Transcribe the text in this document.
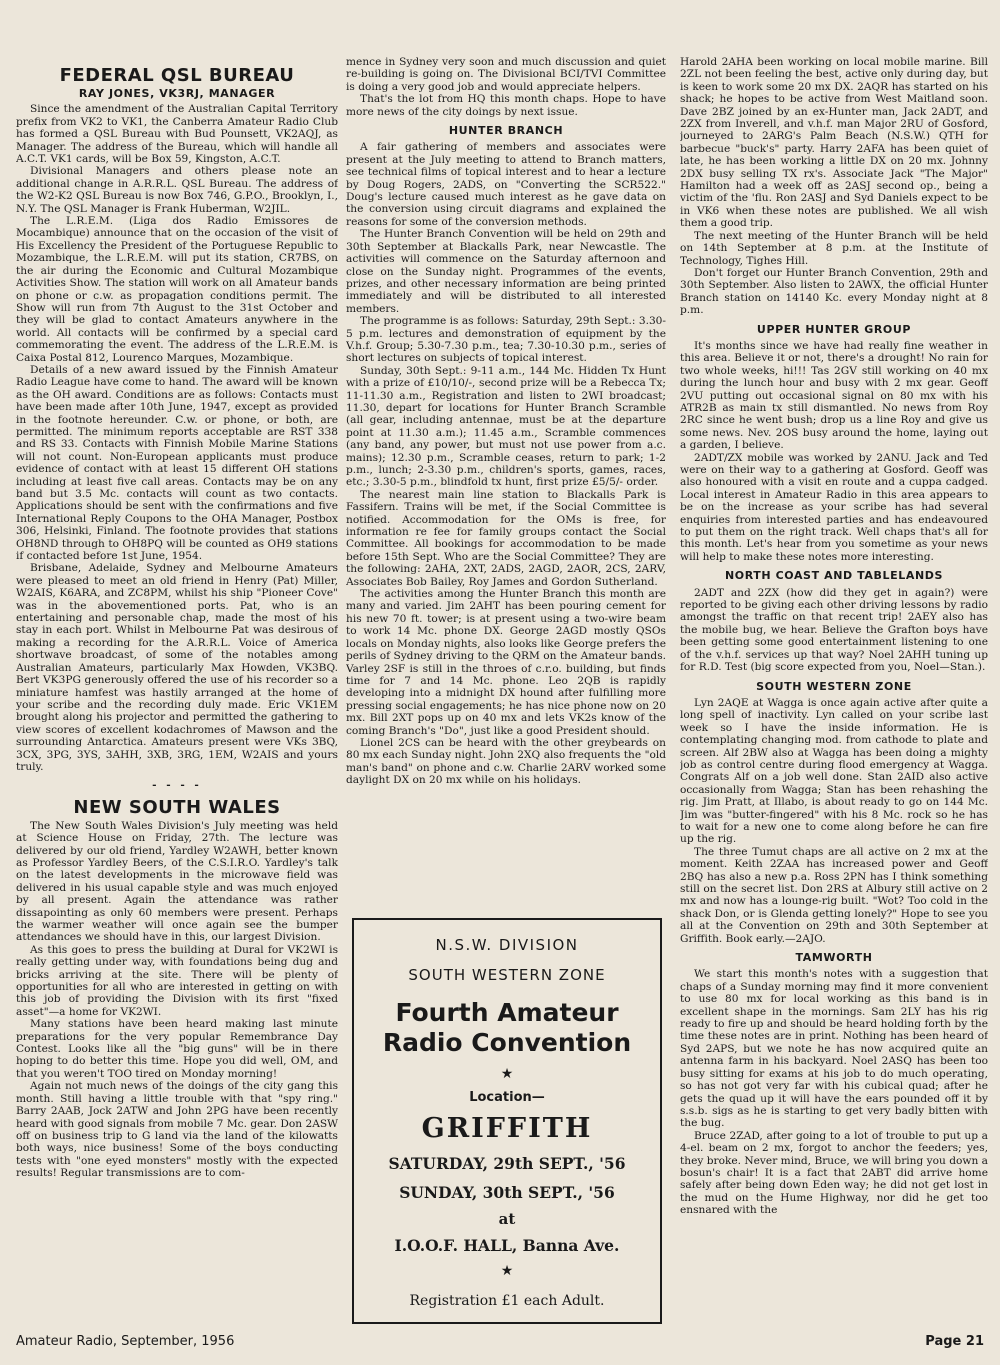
FEDERAL QSL BUREAU
RAY JONES, VK3RJ, MANAGER

Since the amendment of the Australian Capital Territory prefix from VK2 to VK1, the Canberra Amateur Radio Club has formed a QSL Bureau with Bud Pounsett, VK2AQJ, as Manager. The address of the Bureau, which will handle all A.C.T. VK1 cards, will be Box 59, Kingston, A.C.T.

Divisional Managers and others please note an additional change in A.R.R.L. QSL Bureau. The address of the W2-K2 QSL Bureau is now Box 746, G.P.O., Brooklyn, I., N.Y. The QSL Manager is Frank Huberman, W2JIL.

The L.R.E.M. (Liga dos Radio Emissores de Mocambique) announce that on the occasion of the visit of His Excellency the President of the Portuguese Republic to Mozambique, the L.R.E.M. will put its station, CR7BS, on the air during the Economic and Cultural Mozambique Activities Show. The station will work on all Amateur bands on phone or c.w. as propagation conditions permit. The Show will run from 7th August to the 31st October and they will be glad to contact Amateurs anywhere in the world. All contacts will be confirmed by a special card commemorating the event. The address of the L.R.E.M. is Caixa Postal 812, Lourenco Marques, Mozambique.

Details of a new award issued by the Finnish Amateur Radio League have come to hand. The award will be known as the OH award. Conditions are as follows: Contacts must have been made after 10th June, 1947, except as provided in the footnote hereunder. C.w. or phone, or both, are permitted. The minimum reports acceptable are RST 338 and RS 33. Contacts with Finnish Mobile Marine Stations will not count. Non-European applicants must produce evidence of contact with at least 15 different OH stations including at least five call areas. Contacts may be on any band but 3.5 Mc. contacts will count as two contacts. Applications should be sent with the confirmations and five International Reply Coupons to the OHA Manager, Postbox 306, Helsinki, Finland. The footnote provides that stations OH8ND through to OH8PQ will be counted as OH9 stations if contacted before 1st June, 1954.

Brisbane, Adelaide, Sydney and Melbourne Amateurs were pleased to meet an old friend in Henry (Pat) Miller, W2AIS, K6ARA, and ZC8PM, whilst his ship "Pioneer Cove" was in the abovementioned ports. Pat, who is an entertaining and personable chap, made the most of his stay in each port. Whilst in Melbourne Pat was desirous of making a recording for the A.R.R.L. Voice of America shortwave broadcast, of some of the notables among Australian Amateurs, particularly Max Howden, VK3BQ. Bert VK3PG generously offered the use of his recorder so a miniature hamfest was hastily arranged at the home of your scribe and the recording duly made. Eric VK1EM brought along his projector and permitted the gathering to view scores of excellent kodachromes of Mawson and the surrounding Antarctica. Amateurs present were VKs 3BQ, 3CX, 3PG, 3YS, 3AHH, 3XB, 3RG, 1EM, W2AIS and yours truly.

- - - -
NEW SOUTH WALES

The New South Wales Division's July meeting was held at Science House on Friday, 27th. The lecture was delivered by our old friend, Yardley W2AWH, better known as Professor Yardley Beers, of the C.S.I.R.O. Yardley's talk on the latest developments in the microwave field was delivered in his usual capable style and was much enjoyed by all present. Again the attendance was rather dissapointing as only 60 members were present. Perhaps the warmer weather will once again see the bumper attendances we should have in this, our largest Division.

As this goes to press the building at Dural for VK2WI is really getting under way, with foundations being dug and bricks arriving at the site. There will be plenty of opportunities for all who are interested in getting on with this job of providing the Division with its first "fixed asset"—a home for VK2WI.

Many stations have been heard making last minute preparations for the very popular Remembrance Day Contest. Looks like all the "big guns" will be in there hoping to do better this time. Hope you did well, OM, and that you weren't TOO tired on Monday morning!

Again not much news of the doings of the city gang this month. Still having a little trouble with that "spy ring." Barry 2AAB, Jock 2ATW and John 2PG have been recently heard with good signals from mobile 7 Mc. gear. Don 2ASW off on business trip to G land via the land of the kilowatts both ways, nice business! Some of the boys conducting tests with "one eyed monsters" mostly with the expected results! Regular transmissions are to com-

mence in Sydney very soon and much discussion and quiet re-building is going on. The Divisional BCI/TVI Committee is doing a very good job and would appreciate helpers.

That's the lot from HQ this month chaps. Hope to have more news of the city doings by next issue.

HUNTER BRANCH

A fair gathering of members and associates were present at the July meeting to attend to Branch matters, see technical films of topical interest and to hear a lecture by Doug Rogers, 2ADS, on "Converting the SCR522." Doug's lecture caused much interest as he gave data on the conversion using circuit diagrams and explained the reasons for some of the conversion methods.

The Hunter Branch Convention will be held on 29th and 30th September at Blackalls Park, near Newcastle. The activities will commence on the Saturday afternoon and close on the Sunday night. Programmes of the events, prizes, and other necessary information are being printed immediately and will be distributed to all interested members.

The programme is as follows: Saturday, 29th Sept.: 3.30-5 p.m. lectures and demonstration of equipment by the V.h.f. Group; 5.30-7.30 p.m., tea; 7.30-10.30 p.m., series of short lectures on subjects of topical interest.

Sunday, 30th Sept.: 9-11 a.m., 144 Mc. Hidden Tx Hunt with a prize of £10/10/-, second prize will be a Rebecca Tx; 11-11.30 a.m., Registration and listen to 2WI broadcast; 11.30, depart for locations for Hunter Branch Scramble (all gear, including antennae, must be at the departure point at 11.30 a.m.); 11.45 a.m., Scramble commences (any band, any power, but must not use power from a.c. mains); 12.30 p.m., Scramble ceases, return to park; 1-2 p.m., lunch; 2-3.30 p.m., children's sports, games, races, etc.; 3.30-5 p.m., blindfold tx hunt, first prize £5/5/- order.

The nearest main line station to Blackalls Park is Fassifern. Trains will be met, if the Social Committee is notified. Accommodation for the OMs is free, for information re fee for family groups contact the Social Committee. All bookings for accommodation to be made before 15th Sept. Who are the Social Committee? They are the following: 2AHA, 2XT, 2ADS, 2AGD, 2AOR, 2CS, 2ARV, Associates Bob Bailey, Roy James and Gordon Sutherland.

The activities among the Hunter Branch this month are many and varied. Jim 2AHT has been pouring cement for his new 70 ft. tower; is at present using a two-wire beam to work 14 Mc. phone DX. George 2AGD mostly QSOs locals on Monday nights, also looks like George prefers the perils of Sydney driving to the QRM on the Amateur bands. Varley 2SF is still in the throes of c.r.o. building, but finds time for 7 and 14 Mc. phone. Leo 2QB is rapidly developing into a midnight DX hound after fulfilling more pressing social engagements; he has nice phone now on 20 mx. Bill 2XT pops up on 40 mx and lets VK2s know of the coming Branch's "Do", just like a good President should.

Lionel 2CS can be heard with the other greybeards on 80 mx each Sunday night. John 2XQ also frequents the "old man's band" on phone and c.w. Charlie 2ARV worked some daylight DX on 20 mx while on his holidays.

N.S.W. DIVISION
SOUTH WESTERN ZONE
Fourth Amateur
Radio Convention
★
Location—
GRIFFITH
SATURDAY, 29th SEPT., '56
SUNDAY, 30th SEPT., '56
at
I.O.O.F. HALL, Banna Ave.
★
Registration £1 each Adult.

Harold 2AHA been working on local mobile marine. Bill 2ZL not been feeling the best, active only during day, but is keen to work some 20 mx DX. 2AQR has started on his shack; he hopes to be active from West Maitland soon. Dave 2BZ joined by an ex-Hunter man, Jack 2ADT, and 2ZX from Inverell, and v.h.f. man Major 2RU of Gosford, journeyed to 2ARG's Palm Beach (N.S.W.) QTH for barbecue "buck's" party. Harry 2AFA has been quiet of late, he has been working a little DX on 20 mx. Johnny 2DX busy selling TX rx's. Associate Jack "The Major" Hamilton had a week off as 2ASJ second op., being a victim of the 'flu. Ron 2ASJ and Syd Daniels expect to be in VK6 when these notes are published. We all wish them a good trip.

The next meeting of the Hunter Branch will be held on 14th September at 8 p.m. at the Institute of Technology, Tighes Hill.

Don't forget our Hunter Branch Convention, 29th and 30th September. Also listen to 2AWX, the official Hunter Branch station on 14140 Kc. every Monday night at 8 p.m.

UPPER HUNTER GROUP

It's months since we have had really fine weather in this area. Believe it or not, there's a drought! No rain for two whole weeks, hi!!! Tas 2GV still working on 40 mx during the lunch hour and busy with 2 mx gear. Geoff 2VU putting out occasional signal on 80 mx with his ATR2B as main tx still dismantled. No news from Roy 2RC since he went bush; drop us a line Roy and give us some news. Nev. 2OS busy around the home, laying out a garden, I believe.

2ADT/ZX mobile was worked by 2ANU. Jack and Ted were on their way to a gathering at Gosford. Geoff was also honoured with a visit en route and a cuppa cadged. Local interest in Amateur Radio in this area appears to be on the increase as your scribe has had several enquiries from interested parties and has endeavoured to put them on the right track. Well chaps that's all for this month. Let's hear from you sometime as your news will help to make these notes more interesting.

NORTH COAST AND TABLELANDS

2ADT and 2ZX (how did they get in again?) were reported to be giving each other driving lessons by radio amongst the traffic on that recent trip! 2AEY also has the mobile bug, we hear. Believe the Grafton boys have been getting some good entertainment listening to one of the v.h.f. services up that way? Noel 2AHH tuning up for R.D. Test (big score expected from you, Noel—Stan.).

SOUTH WESTERN ZONE

Lyn 2AQE at Wagga is once again active after quite a long spell of inactivity. Lyn called on your scribe last week so I have the inside information. He is contemplating changing mod. from cathode to plate and screen. Alf 2BW also at Wagga has been doing a mighty job as control centre during flood emergency at Wagga. Congrats Alf on a job well done. Stan 2AID also active occasionally from Wagga; Stan has been rehashing the rig. Jim Pratt, at Illabo, is about ready to go on 144 Mc. Jim was "butter-fingered" with his 8 Mc. rock so he has to wait for a new one to come along before he can fire up the rig.

The three Tumut chaps are all active on 2 mx at the moment. Keith 2ZAA has increased power and Geoff 2BQ has also a new p.a. Ross 2PN has I think something still on the secret list. Don 2RS at Albury still active on 2 mx and now has a lounge-rig built. "Wot? Too cold in the shack Don, or is Glenda getting lonely?" Hope to see you all at the Convention on 29th and 30th September at Griffith. Book early.—2AJO.

TAMWORTH

We start this month's notes with a suggestion that chaps of a Sunday morning may find it more convenient to use 80 mx for local working as this band is in excellent shape in the mornings. Sam 2LY has his rig ready to fire up and should be heard holding forth by the time these notes are in print. Nothing has been heard of Syd 2APS, but we note he has now acquired quite an antenna farm in his backyard. Noel 2ASQ has been too busy sitting for exams at his job to do much operating, so has not got very far with his cubical quad; after he gets the quad up it will have the ears pounded off it by s.s.b. sigs as he is starting to get very badly bitten with the bug.

Bruce 2ZAD, after going to a lot of trouble to put up a 4-el. beam on 2 mx, forgot to anchor the feeders; yes, they broke. Never mind, Bruce, we will bring you down a bosun's chair! It is a fact that 2ABT did arrive home safely after being down Eden way; he did not get lost in the mud on the Hume Highway, nor did he get too ensnared with the

Amateur Radio, September, 1956	Page 21
